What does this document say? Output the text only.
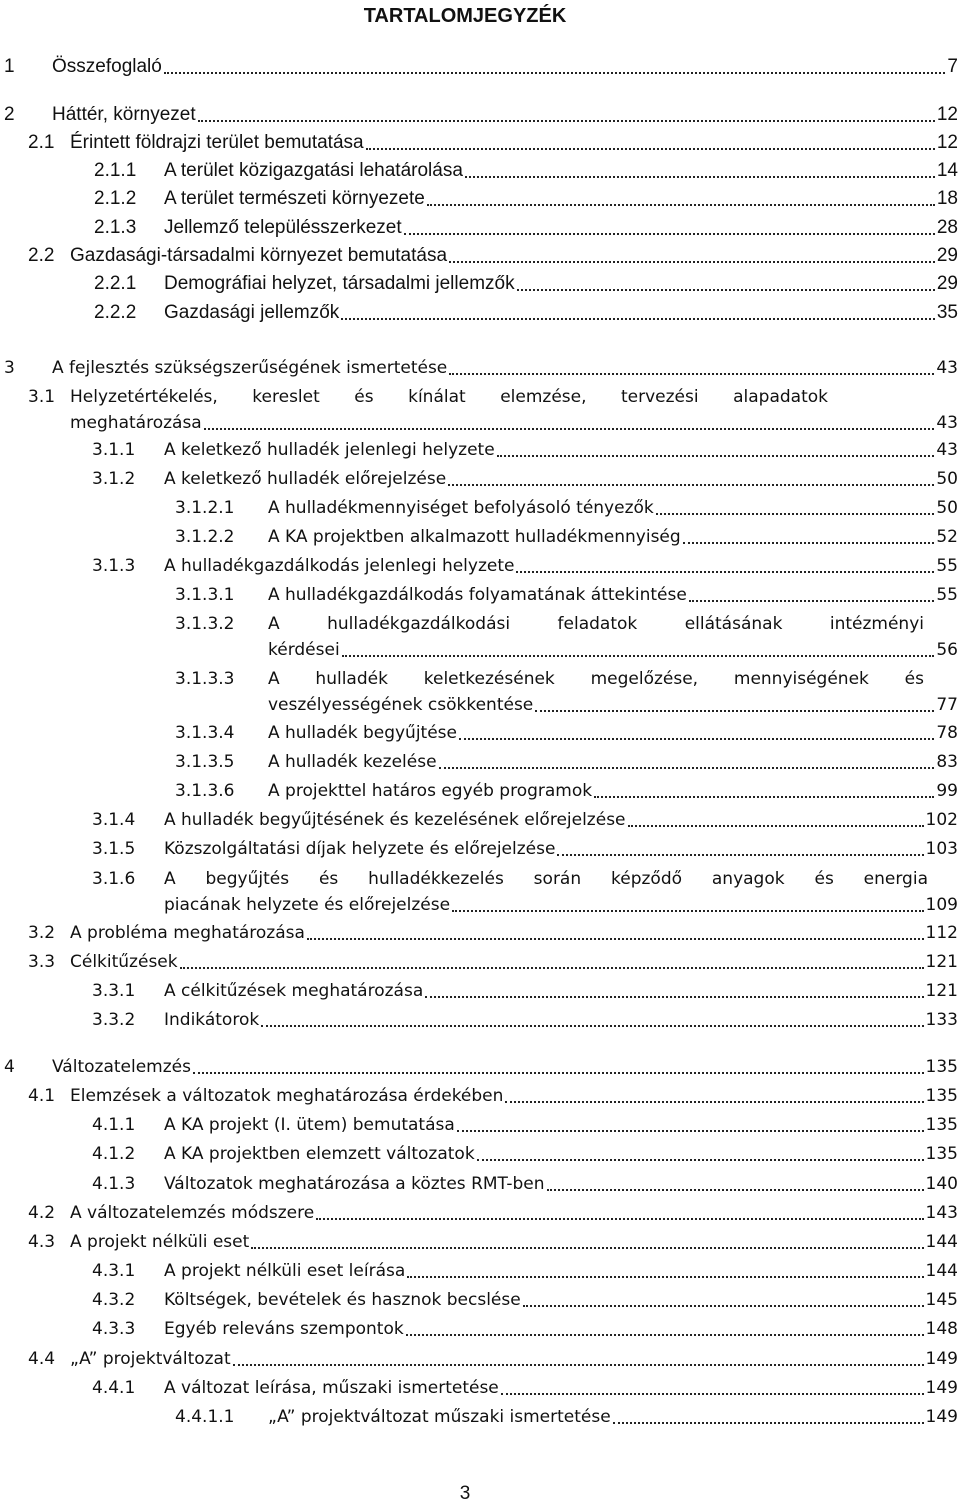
TARTALOMJEGYZÉK
1 Összefoglaló	7
2 Háttér, környezet	12
2.1 Érintett földrajzi terület bemutatása	12
2.1.1 A terület közigazgatási lehatárolása	14
2.1.2 A terület természeti környezete	18
2.1.3 Jellemző településszerkezet	28
2.2 Gazdasági-társadalmi környezet bemutatása	29
2.2.1 Demográfiai helyzet, társadalmi jellemzők	29
2.2.2 Gazdasági jellemzők	35
3 A fejlesztés szükségszerűségének ismertetése	43
3.1 Helyzetértékelés, kereslet és kínálat elemzése, tervezési alapadatok
meghatározása	43
3.1.1 A keletkező hulladék jelenlegi helyzete	43
3.1.2 A keletkező hulladék előrejelzése	50
3.1.2.1 A hulladékmennyiséget befolyásoló tényezők	50
3.1.2.2 A KA projektben alkalmazott hulladékmennyiség	52
3.1.3 A hulladékgazdálkodás jelenlegi helyzete	55
3.1.3.1 A hulladékgazdálkodás folyamatának áttekintése	55
3.1.3.2 A hulladékgazdálkodási feladatok ellátásának intézményi
kérdései	56
3.1.3.3 A hulladék keletkezésének megelőzése, mennyiségének és
veszélyességének csökkentése	77
3.1.3.4 A hulladék begyűjtése	78
3.1.3.5 A hulladék kezelése	83
3.1.3.6 A projekttel határos egyéb programok	99
3.1.4 A hulladék begyűjtésének és kezelésének előrejelzése	102
3.1.5 Közszolgáltatási díjak helyzete és előrejelzése	103
3.1.6 A begyűjtés és hulladékkezelés során képződő anyagok és energia
piacának helyzete és előrejelzése	109
3.2 A probléma meghatározása	112
3.3 Célkitűzések	121
3.3.1 A célkitűzések meghatározása	121
3.3.2 Indikátorok	133
4 Változatelemzés	135
4.1 Elemzések a változatok meghatározása érdekében	135
4.1.1 A KA projekt (I. ütem) bemutatása	135
4.1.2 A KA projektben elemzett változatok	135
4.1.3 Változatok meghatározása a köztes RMT-ben	140
4.2 A változatelemzés módszere	143
4.3 A projekt nélküli eset	144
4.3.1 A projekt nélküli eset leírása	144
4.3.2 Költségek, bevételek és hasznok becslése	145
4.3.3 Egyéb releváns szempontok	148
4.4 „A” projektváltozat	149
4.4.1 A változat leírása, műszaki ismertetése	149
4.4.1.1 „A” projektváltozat műszaki ismertetése	149
3
